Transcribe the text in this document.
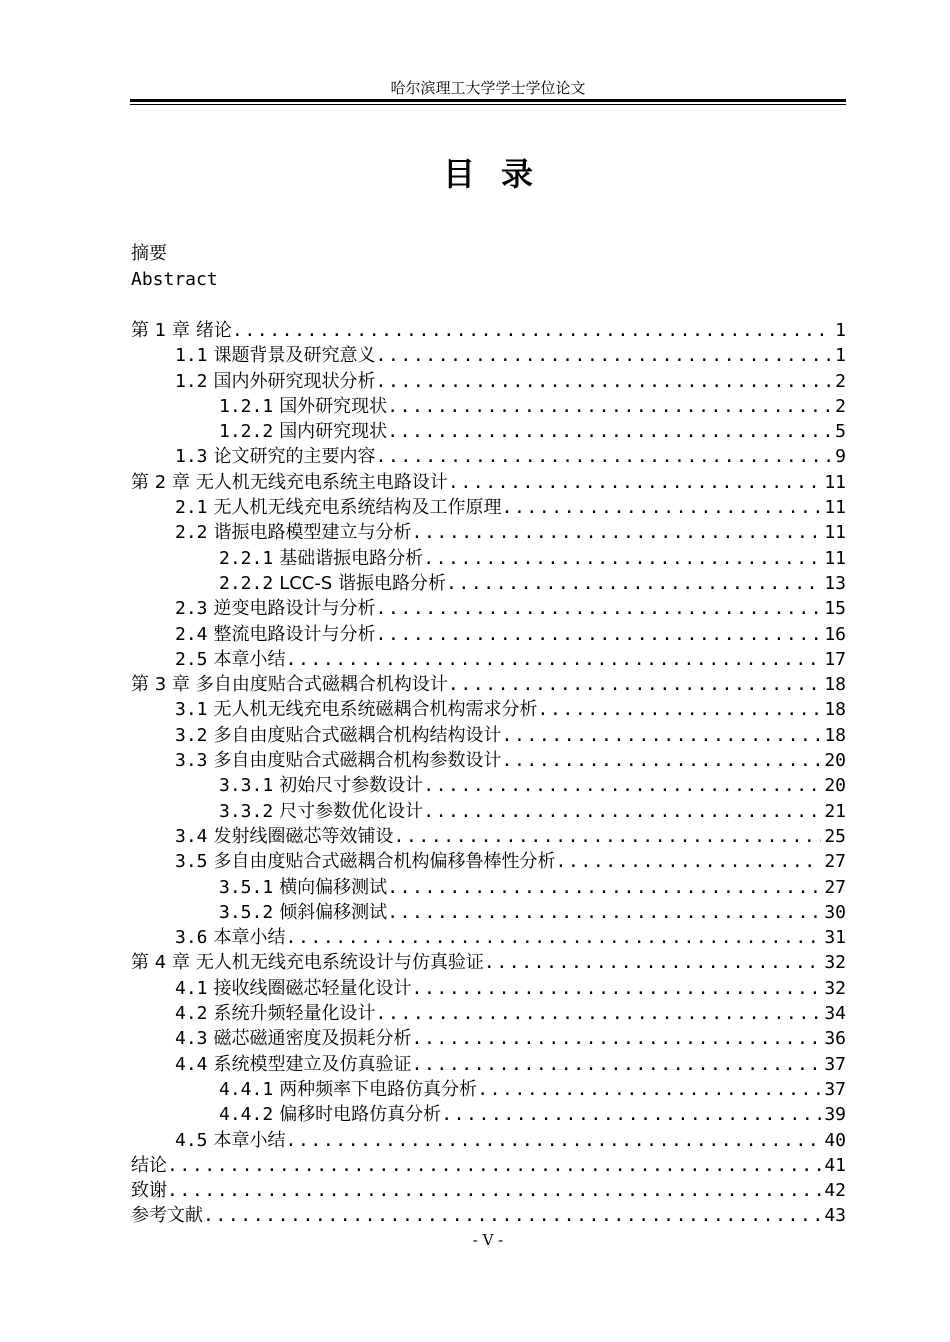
哈尔滨理工大学学士学位论文
目录
摘要
Abstract
第 1 章 绪论 .....	1
1.1 课题背景及研究意义 .....	1
1.2 国内外研究现状分析 .....	2
1.2.1 国外研究现状 .....	2
1.2.2 国内研究现状 .....	5
1.3 论文研究的主要内容 .....	9
第 2 章 无人机无线充电系统主电路设计 .....	11
2.1 无人机无线充电系统结构及工作原理 .....	11
2.2 谐振电路模型建立与分析 .....	11
2.2.1 基础谐振电路分析 .....	11
2.2.2 LCC-S 谐振电路分析 .....	13
2.3 逆变电路设计与分析 .....	15
2.4 整流电路设计与分析 .....	16
2.5 本章小结 .....	17
第 3 章 多自由度贴合式磁耦合机构设计 .....	18
3.1 无人机无线充电系统磁耦合机构需求分析 .....	18
3.2 多自由度贴合式磁耦合机构结构设计 .....	18
3.3 多自由度贴合式磁耦合机构参数设计 .....	20
3.3.1 初始尺寸参数设计 .....	20
3.3.2 尺寸参数优化设计 .....	21
3.4 发射线圈磁芯等效铺设 .....	25
3.5 多自由度贴合式磁耦合机构偏移鲁棒性分析 .....	27
3.5.1 横向偏移测试 .....	27
3.5.2 倾斜偏移测试 .....	30
3.6 本章小结 .....	31
第 4 章 无人机无线充电系统设计与仿真验证 .....	32
4.1 接收线圈磁芯轻量化设计 .....	32
4.2 系统升频轻量化设计 .....	34
4.3 磁芯磁通密度及损耗分析 .....	36
4.4 系统模型建立及仿真验证 .....	37
4.4.1 两种频率下电路仿真分析 .....	37
4.4.2 偏移时电路仿真分析 .....	39
4.5 本章小结 .....	40
结论 .....	41
致谢 .....	42
参考文献 .....	43
- V -
